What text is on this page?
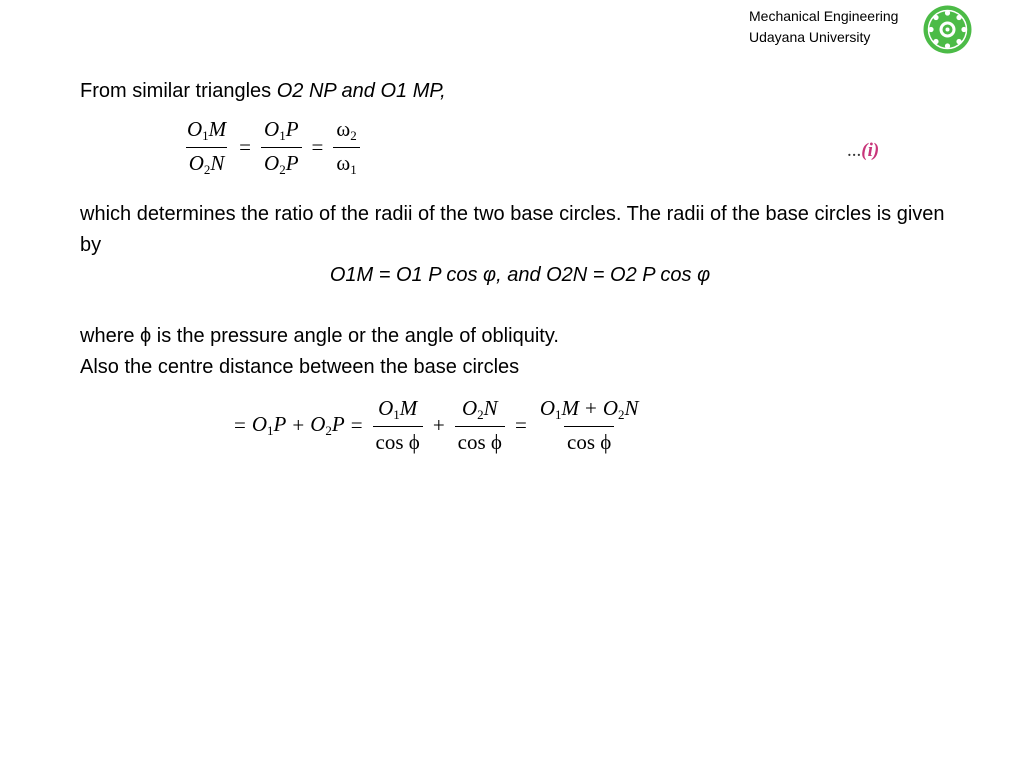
Mechanical Engineering
Udayana University
From similar triangles O2 NP and O1 MP,
$\frac{O_1M}{O_2N} = \frac{O_1P}{O_2P} = \frac{\omega_2}{\omega_1}$	...(i)
which determines the ratio of the radii of the two base circles. The radii of the base circles is given by
O1M = O1 P cos φ, and O2N = O2 P cos φ
where ϕ is the pressure angle or the angle of obliquity.
Also the centre distance between the base circles
= $O_1P + O_2P = \frac{O_1M}{\text{cos ϕ}} + \frac{O_2N}{\text{cos ϕ}} = \frac{O_1M + O_2N}{\text{cos ϕ}}$
